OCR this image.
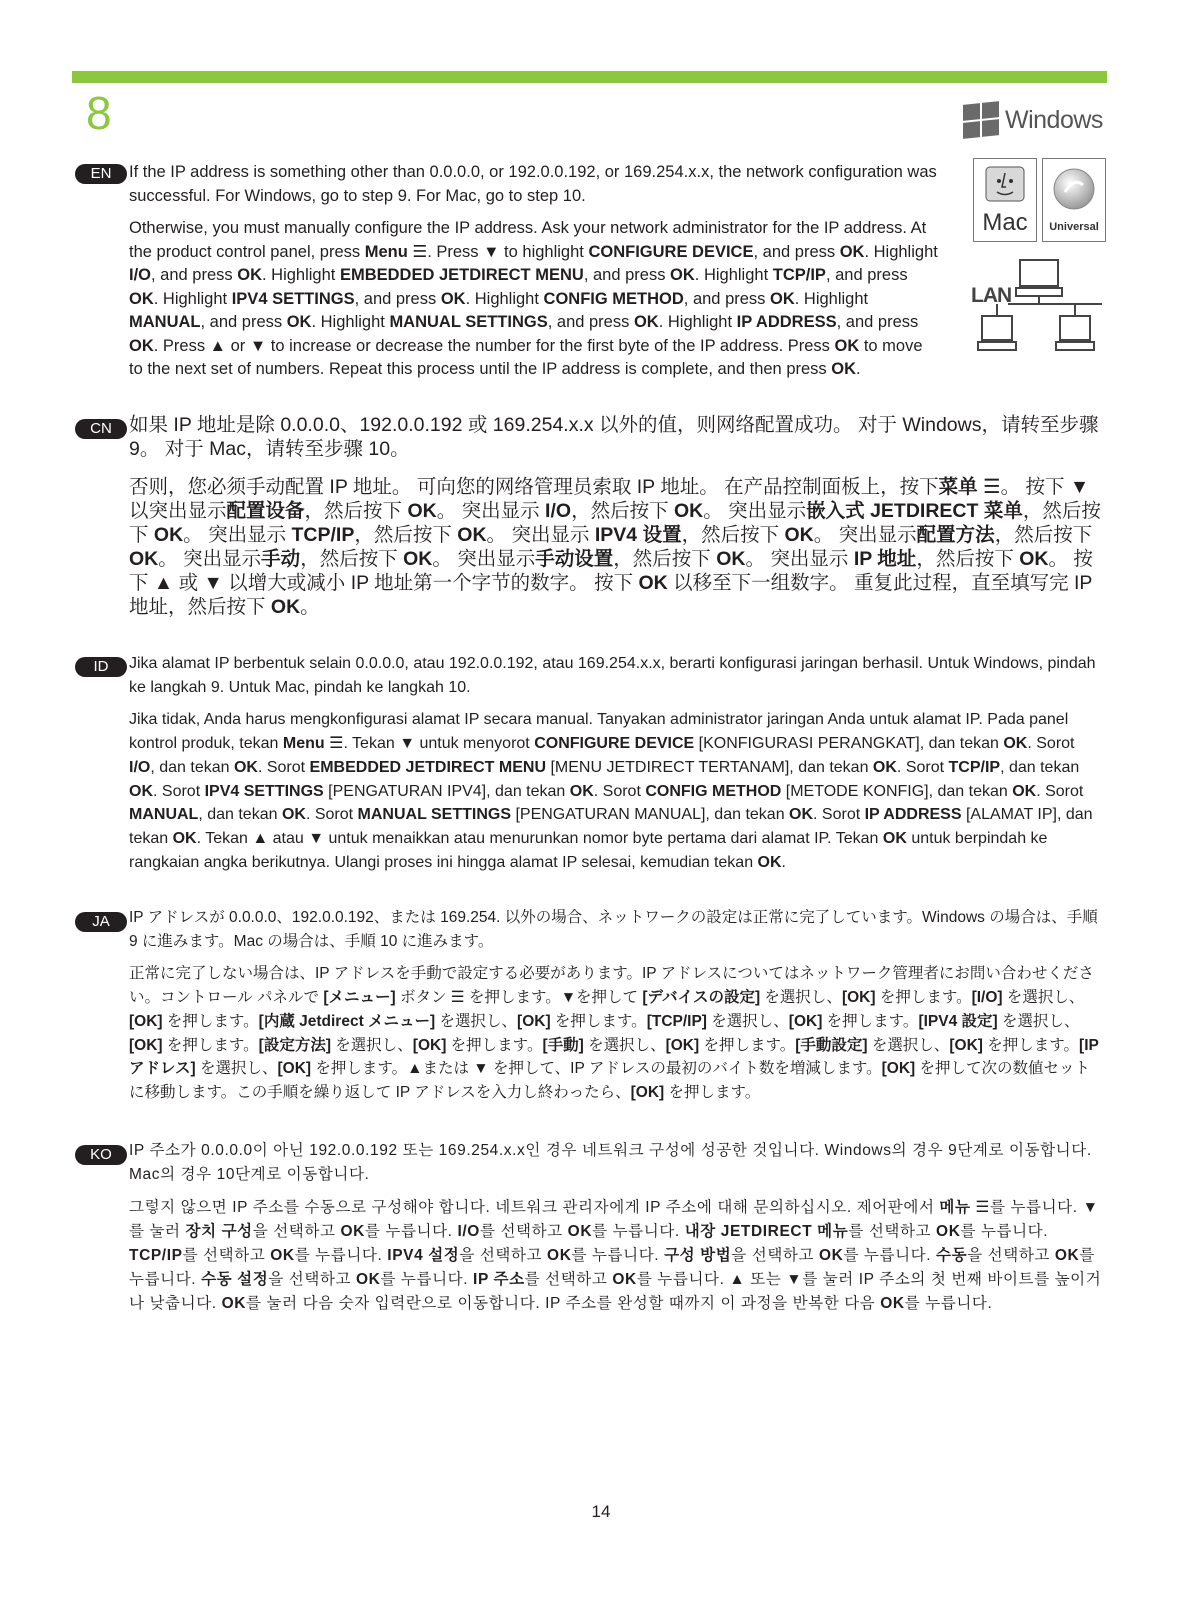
8	Windows
Mac	Universal
LAN
EN	If the IP address is something other than 0.0.0.0, or 192.0.0.192, or 169.254.x.x, the network configuration was successful. For Windows, go to step 9. For Mac, go to step 10.

Otherwise, you must manually configure the IP address. Ask your network administrator for the IP address. At the product control panel, press Menu ☰. Press ▼ to highlight CONFIGURE DEVICE, and press OK. Highlight I/O, and press OK. Highlight EMBEDDED JETDIRECT MENU, and press OK. Highlight TCP/IP, and press OK. Highlight IPV4 SETTINGS, and press OK. Highlight CONFIG METHOD, and press OK. Highlight MANUAL, and press OK. Highlight MANUAL SETTINGS, and press OK. Highlight IP ADDRESS, and press OK. Press ▲ or ▼ to increase or decrease the number for the first byte of the IP address. Press OK to move to the next set of numbers. Repeat this process until the IP address is complete, and then press OK.

CN 如果 IP 地址是除 0.0.0.0、192.0.0.192 或 169.254.x.x 以外的值，则网络配置成功。 对于 Windows，请转至步骤 9。 对于 Mac，请转至步骤 10。

否则，您必须手动配置 IP 地址。 可向您的网络管理员索取 IP 地址。 在产品控制面板上，按下菜单 ☰。 按下 ▼ 以突出显示配置设备，然后按下 OK。 突出显示 I/O，然后按下 OK。 突出显示嵌入式 JETDIRECT 菜单，然后按下 OK。 突出显示 TCP/IP，然后按下 OK。 突出显示 IPV4 设置，然后按下 OK。 突出显示配置方法，然后按下 OK。 突出显示手动，然后按下 OK。 突出显示手动设置，然后按下 OK。 突出显示 IP 地址，然后按下 OK。 按下 ▲ 或 ▼ 以增大或减小 IP 地址第一个字节的数字。 按下 OK 以移至下一组数字。 重复此过程，直至填写完 IP 地址，然后按下 OK。

ID	Jika alamat IP berbentuk selain 0.0.0.0, atau 192.0.0.192, atau 169.254.x.x, berarti konfigurasi jaringan berhasil. Untuk Windows, pindah ke langkah 9. Untuk Mac, pindah ke langkah 10.

Jika tidak, Anda harus mengkonfigurasi alamat IP secara manual. Tanyakan administrator jaringan Anda untuk alamat IP. Pada panel kontrol produk, tekan Menu ☰. Tekan ▼ untuk menyorot CONFIGURE DEVICE [KONFIGURASI PERANGKAT], dan tekan OK. Sorot I/O, dan tekan OK. Sorot EMBEDDED JETDIRECT MENU [MENU JETDIRECT TERTANAM], dan tekan OK. Sorot TCP/IP, dan tekan OK. Sorot IPV4 SETTINGS [PENGATURAN IPV4], dan tekan OK. Sorot CONFIG METHOD [METODE KONFIG], dan tekan OK. Sorot MANUAL, dan tekan OK. Sorot MANUAL SETTINGS [PENGATURAN MANUAL], dan tekan OK. Sorot IP ADDRESS [ALAMAT IP], dan tekan OK. Tekan ▲ atau ▼ untuk menaikkan atau menurunkan nomor byte pertama dari alamat IP. Tekan OK untuk berpindah ke rangkaian angka berikutnya. Ulangi proses ini hingga alamat IP selesai, kemudian tekan OK.

JA	IP アドレスが 0.0.0.0、192.0.0.192、または 169.254. 以外の場合、ネットワークの設定は正常に完了しています。Windows の場合は、手順 9 に進みます。Mac の場合は、手順 10 に進みます。

正常に完了しない場合は、IP アドレスを手動で設定する必要があります。IP アドレスについてはネットワーク管理者にお問い合わせください。コントロール パネルで [メニュー] ボタン ☰ を押します。▼を押して [デバイスの設定] を選択し、[OK] を押します。[I/O] を選択し、[OK] を押します。[内蔵 Jetdirect メニュー] を選択し、[OK] を押します。[TCP/IP] を選択し、[OK] を押します。[IPV4 設定] を選択し、[OK] を押します。[設定方法] を選択し、[OK] を押します。[手動] を選択し、[OK] を押します。[手動設定] を選択し、[OK] を押します。[IP アドレス] を選択し、[OK] を押します。▲または ▼ を押して、IP アドレスの最初のバイト数を増減します。[OK] を押して次の数値セットに移動します。この手順を繰り返して IP アドレスを入力し終わったら、[OK] を押します。

KO	IP 주소가 0.0.0.0이 아닌 192.0.0.192 또는 169.254.x.x인 경우 네트워크 구성에 성공한 것입니다. Windows의 경우 9단계로 이동합니다. Mac의 경우 10단계로 이동합니다.

그렇지 않으면 IP 주소를 수동으로 구성해야 합니다. 네트워크 관리자에게 IP 주소에 대해 문의하십시오. 제어판에서 메뉴 ☰를 누릅니다. ▼를 눌러 장치 구성을 선택하고 OK를 누릅니다. I/O를 선택하고 OK를 누릅니다. 내장 JETDIRECT 메뉴를 선택하고 OK를 누릅니다. TCP/IP를 선택하고 OK를 누릅니다. IPV4 설정을 선택하고 OK를 누릅니다. 구성 방법을 선택하고 OK를 누릅니다. 수동을 선택하고 OK를 누릅니다. 수동 설정을 선택하고 OK를 누릅니다. IP 주소를 선택하고 OK를 누릅니다. ▲ 또는 ▼를 눌러 IP 주소의 첫 번째 바이트를 높이거나 낮춥니다. OK를 눌러 다음 숫자 입력란으로 이동합니다. IP 주소를 완성할 때까지 이 과정을 반복한 다음 OK를 누릅니다.

14
